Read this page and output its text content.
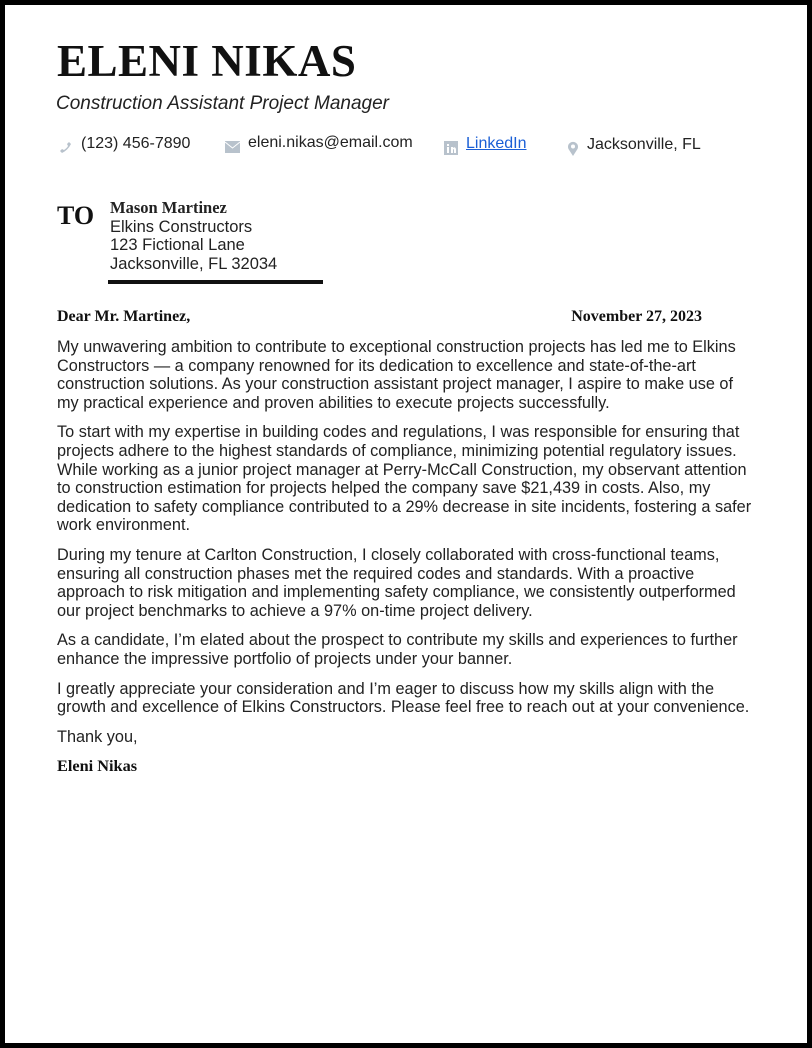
ELENI NIKAS
Construction Assistant Project Manager
(123) 456-7890	eleni.nikas@email.com	LinkedIn	Jacksonville, FL
TO Mason Martinez
Elkins Constructors
123 Fictional Lane
Jacksonville, FL 32034
Dear Mr. Martinez,	November 27, 2023

My unwavering ambition to contribute to exceptional construction projects has led me to Elkins Constructors — a company renowned for its dedication to excellence and state-of-the-art construction solutions. As your construction assistant project manager, I aspire to make use of my practical experience and proven abilities to execute projects successfully.

To start with my expertise in building codes and regulations, I was responsible for ensuring that projects adhere to the highest standards of compliance, minimizing potential regulatory issues. While working as a junior project manager at Perry-McCall Construction, my observant attention to construction estimation for projects helped the company save $21,439 in costs. Also, my dedication to safety compliance contributed to a 29% decrease in site incidents, fostering a safer work environment.

During my tenure at Carlton Construction, I closely collaborated with cross-functional teams, ensuring all construction phases met the required codes and standards. With a proactive approach to risk mitigation and implementing safety compliance, we consistently outperformed our project benchmarks to achieve a 97% on-time project delivery.

As a candidate, I’m elated about the prospect to contribute my skills and experiences to further enhance the impressive portfolio of projects under your banner.

I greatly appreciate your consideration and I’m eager to discuss how my skills align with the growth and excellence of Elkins Constructors. Please feel free to reach out at your convenience.

Thank you,

Eleni Nikas
